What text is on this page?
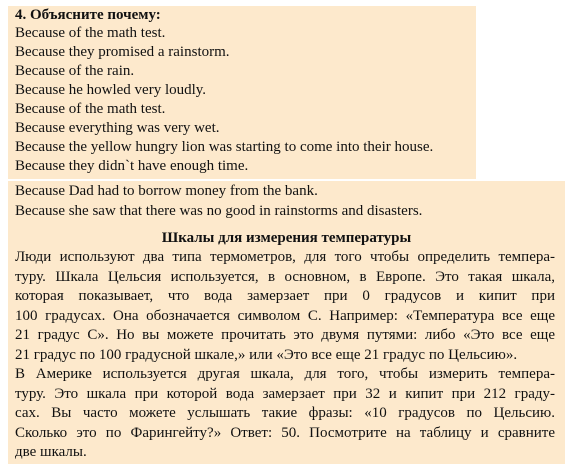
4. Объясните почему:
Because of the math test.
Because they promised a rainstorm.
Because of the rain.
Because he howled very loudly.
Because of the math test.
Because everything was very wet.
Because the yellow hungry lion was starting to come into their house.
Because they didn`t have enough time.
Because Dad had to borrow money from the bank.
Because she saw that there was no good in rainstorms and disasters.
Шкалы для измерения температуры
Люди используют два типа термометров, для того чтобы определить темпера-
туру. Шкала Цельсия используется, в основном, в Европе. Это такая шкала,
которая показывает, что вода замерзает при 0 градусов и кипит при
100 градусах. Она обозначается символом С. Например: «Температура все еще
21 градус С». Но вы можете прочитать это двумя путями: либо «Это все еще
21 градус по 100 градусной шкале,» или «Это все еще 21 градус по Цельсию».
В Америке используется другая шкала, для того, чтобы измерить темпера-
туру. Это шкала при которой вода замерзает при 32 и кипит при 212 граду-
сах. Вы часто можете услышать такие фразы: «10 градусов по Цельсию.
Сколько это по Фарингейту?» Ответ: 50. Посмотрите на таблицу и сравните
две шкалы.
